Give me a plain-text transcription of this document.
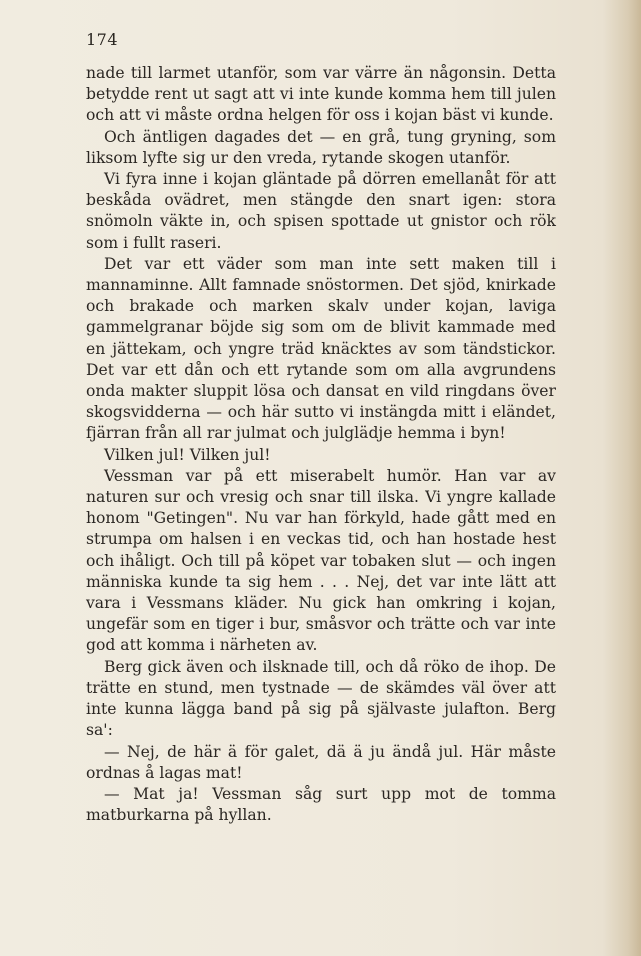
174

nade till larmet utanför, som var värre än någonsin. Detta betydde rent ut sagt att vi inte kunde komma hem till julen och att vi måste ordna helgen för oss i kojan bäst vi kunde.

Och äntligen dagades det — en grå, tung gryning, som liksom lyfte sig ur den vreda, rytande skogen utanför.

Vi fyra inne i kojan gläntade på dörren emellanåt för att beskåda ovädret, men stängde den snart igen: stora snömoln väkte in, och spisen spottade ut gnistor och rök som i fullt raseri.

Det var ett väder som man inte sett maken till i mannaminne. Allt famnade snöstormen. Det sjöd, knirkade och brakade och marken skalv under kojan, laviga gammelgranar böjde sig som om de blivit kammade med en jättekam, och yngre träd knäcktes av som tändstickor. Det var ett dån och ett rytande som om alla avgrundens onda makter sluppit lösa och dansat en vild ringdans över skogsvidderna — och här sutto vi instängda mitt i eländet, fjärran från all rar julmat och julglädje hemma i byn!

Vilken jul! Vilken jul!

Vessman var på ett miserabelt humör. Han var av naturen sur och vresig och snar till ilska. Vi yngre kallade honom "Getingen". Nu var han förkyld, hade gått med en strumpa om halsen i en veckas tid, och han hostade hest och ihåligt. Och till på köpet var tobaken slut — och ingen människa kunde ta sig hem . . . Nej, det var inte lätt att vara i Vessmans kläder. Nu gick han omkring i kojan, ungefär som en tiger i bur, småsvor och trätte och var inte god att komma i närheten av.

Berg gick även och ilsknade till, och då röko de ihop. De trätte en stund, men tystnade — de skämdes väl över att inte kunna lägga band på sig på självaste julafton. Berg sa':

— Nej, de här ä för galet, dä ä ju ändå jul. Här måste ordnas å lagas mat!

— Mat ja! Vessman såg surt upp mot de tomma matburkarna på hyllan.
